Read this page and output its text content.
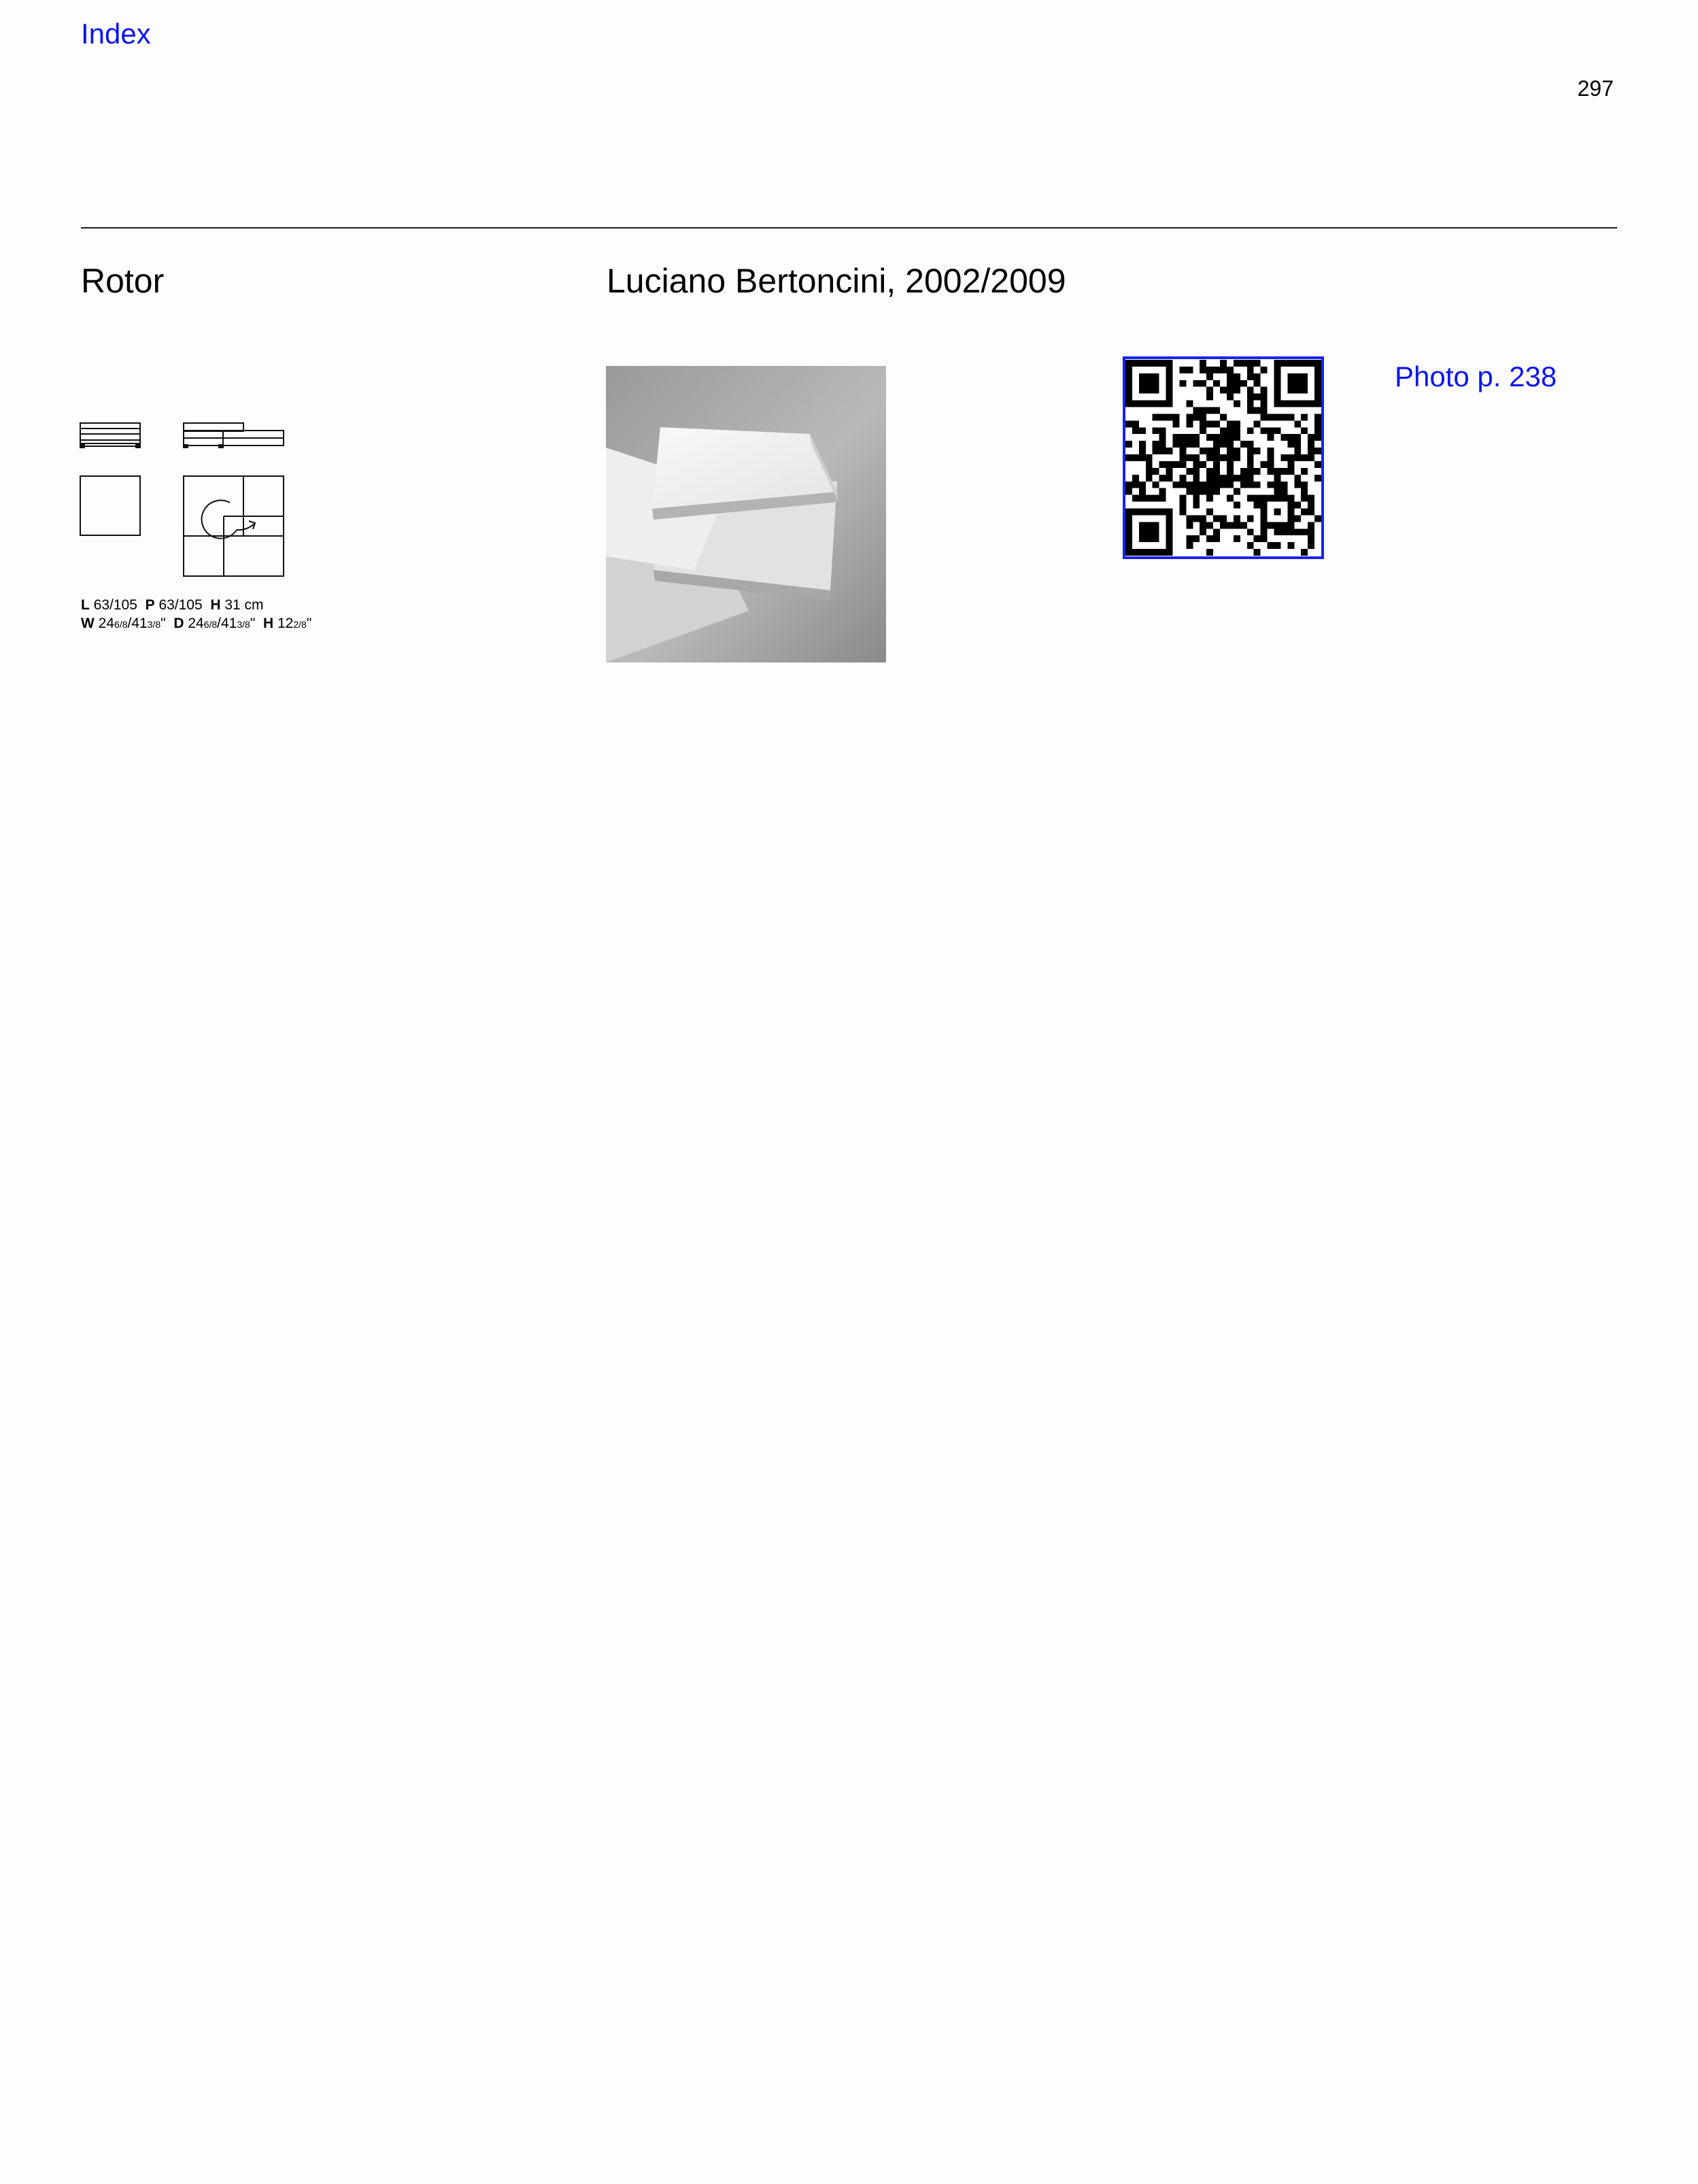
Index
297
Rotor	Luciano Bertoncini, 2002/2009
L 63/105 P 63/105 H 31 cm
W 246/8/413/8" D 246/8/413/8" H 122/8"
Photo p. 238
